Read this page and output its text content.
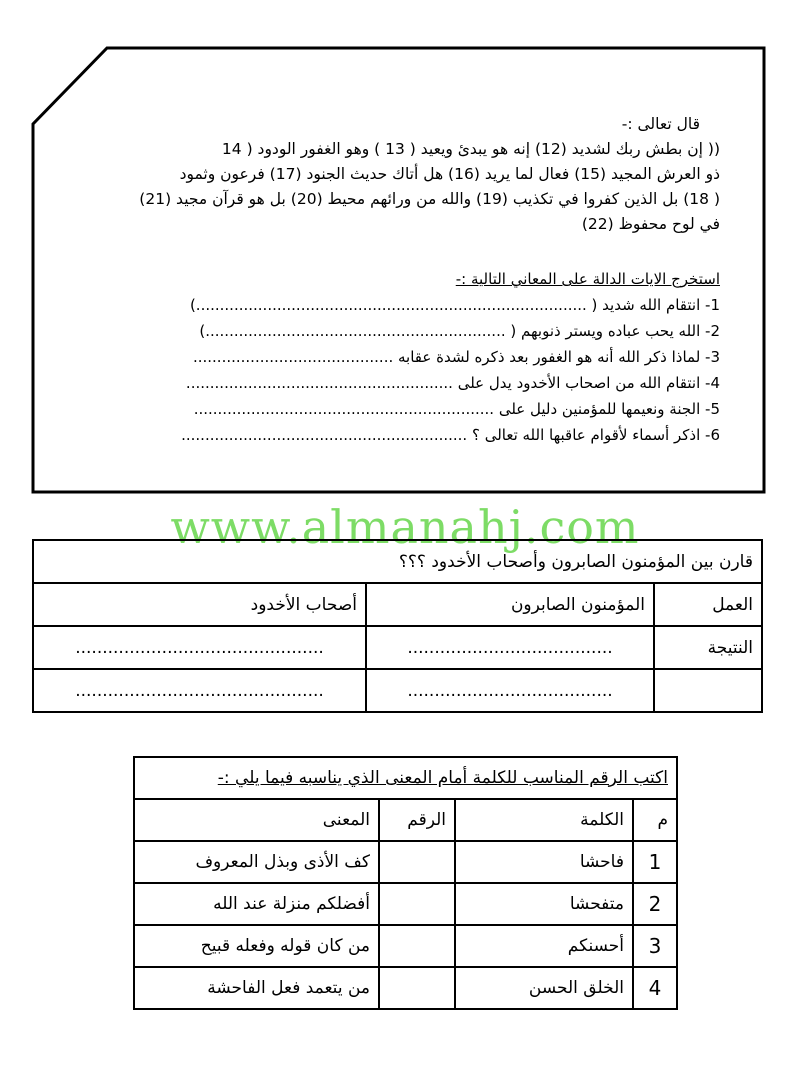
قال تعالى :-
(( إن بطش ربك لشديد (12) إنه هو يبدئ ويعيد ( 13 ) وهو الغفور الودود ( 14
ذو العرش المجيد (15) فعال لما يريد (16) هل أتاك حديث الجنود (17) فرعون وثمود
( 18) بل الذين كفروا في تكذيب (19) والله من ورائهم محيط (20) بل هو قرآن مجيد (21)
في لوح محفوظ (22)
استخرج الايات الدالة على المعاني التالية :-
1- انتقام الله شديد ( ..................................................................................)
2- الله يحب عباده ويستر ذنوبهم ( ...............................................................)
3- لماذا ذكر الله أنه هو الغفور بعد ذكره لشدة عقابه ..........................................
4- انتقام الله من اصحاب الأخدود يدل على ........................................................
5- الجنة ونعيمها للمؤمنين دليل على ...............................................................
6- اذكر أسماء لأقوام عاقبها الله تعالى ؟ ............................................................
www.almanahj.com
قارن بين المؤمنون الصابرون وأصحاب الأخدود ؟؟؟		
العمل	المؤمنون الصابرون	أصحاب الأخدود
النتيجة	......................................	..............................................
	......................................	..............................................
اكتب الرقم المناسب للكلمة أمام المعنى الذي يناسبه فيما يلي :-			
م	الكلمة	الرقم	المعنى
1	فاحشا		كف الأذى وبذل المعروف
2	متفحشا		أفضلكم منزلة عند الله
3	أحسنكم		من كان قوله وفعله قبيح
4	الخلق الحسن		من يتعمد فعل الفاحشة
